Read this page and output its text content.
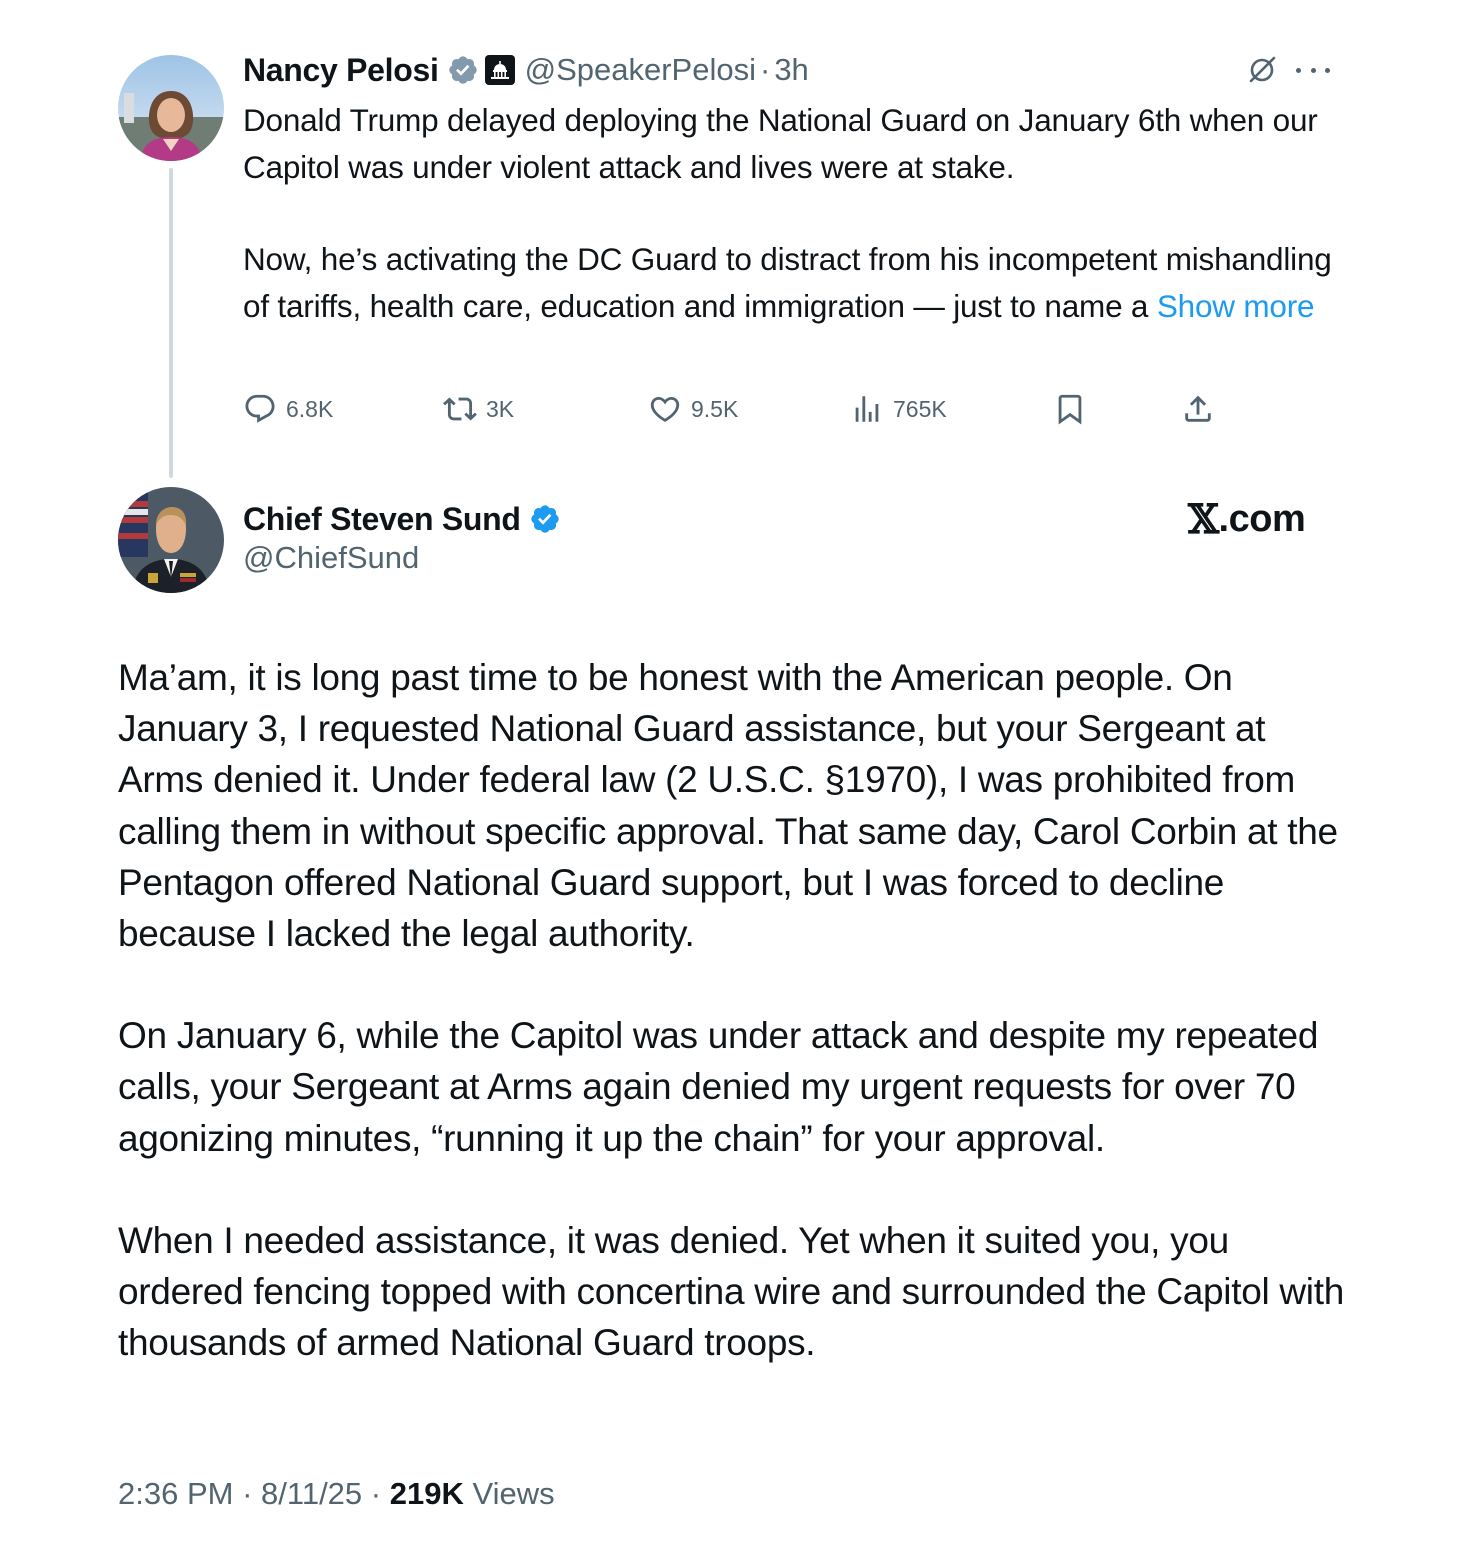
Nancy Pelosi	@SpeakerPelosi · 3h

Donald Trump delayed deploying the National Guard on January 6th when our Capitol was under violent attack and lives were at stake.

Now, he’s activating the DC Guard to distract from his incompetent mishandling of tariffs, health care, education and immigration — just to name a Show more

6.8K	3K	9.5K	765K
Chief Steven Sund
@ChiefSund
𝕏 .com

Ma’am, it is long past time to be honest with the American people. On January 3, I requested National Guard assistance, but your Sergeant at Arms denied it. Under federal law (2 U.S.C. §1970), I was prohibited from calling them in without specific approval. That same day, Carol Corbin at the Pentagon offered National Guard support, but I was forced to decline because I lacked the legal authority.

On January 6, while the Capitol was under attack and despite my repeated calls, your Sergeant at Arms again denied my urgent requests for over 70 agonizing minutes, “running it up the chain” for your approval.

When I needed assistance, it was denied. Yet when it suited you, you ordered fencing topped with concertina wire and surrounded the Capitol with thousands of armed National Guard troops.

2:36 PM · 8/11/25 · 219K Views
